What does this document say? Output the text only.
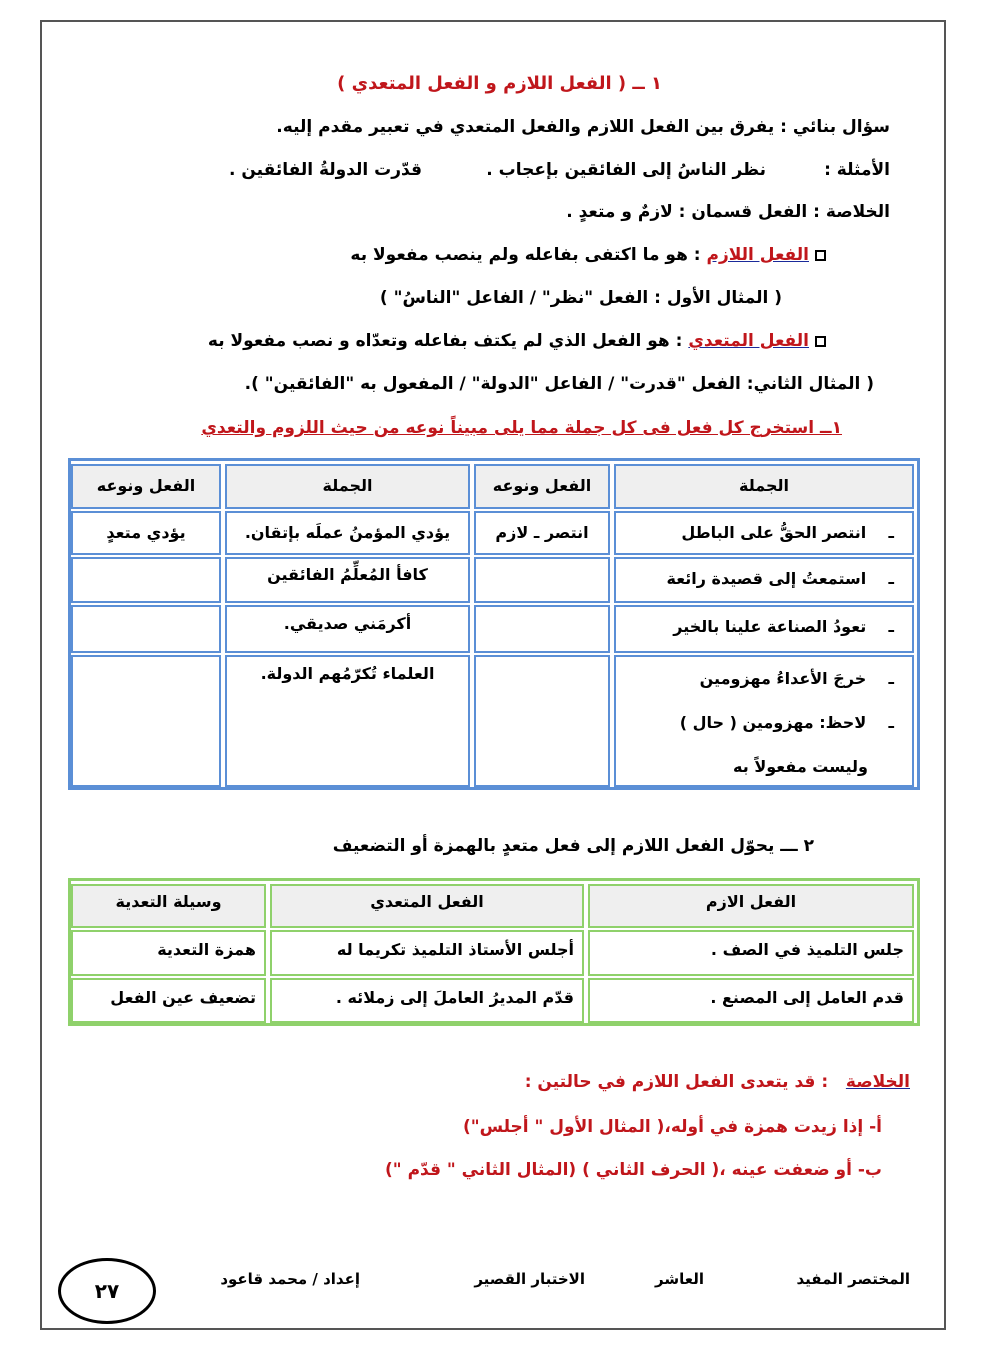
١ ــ ( الفعل اللازم و الفعل المتعدي )
سؤال بنائي : يفرق بين الفعل اللازم والفعل المتعدي في تعبير مقدم إليه.
الأمثلة :
نظر الناسُ إلى الفائقين بإعجاب .
قدّرت الدولةُ الفائقين .
الخلاصة : الفعل قسمان : لازمٌ و متعدٍ .
الفعل اللازم : هو ما اكتفى بفاعله ولم ينصب مفعولا به
( المثال الأول : الفعل "نظر" / الفاعل "الناسُ" )
الفعل المتعدي : هو الفعل الذي لم يكتف بفاعله وتعدّاه و نصب مفعولا به
( المثال الثاني: الفعل "قدرت" / الفاعل "الدولة" / المفعول به "الفائقين" ).
١ــ استخرج كل فعل فى كل جملة مما يلى مبيناً نوعه من حيث اللزوم والتعدي
الجملة
الفعل ونوعه
الجملة
الفعل ونوعه
ـ    انتصر الحقُّ على الباطل
انتصر ـ لازم
يؤدي المؤمنُ عملَه بإتقان.
يؤدي متعدٍ
ـ    استمعتُ إلى قصيدة رائعة
كافأ المُعلِّمُ الفائقين
ـ    تعودُ الصناعة علينا بالخير
أكرمَني صديقي.
ـ    خرجَ الأعداءُ مهزومين
ـ    لاحظ: مهزومين ( حال )
وليست مفعولاً به
العلماء تُكرّمُهم الدولة.
٢ ـــ يحوّل الفعل اللازم إلى فعل متعدٍ بالهمزة أو التضعيف
الفعل الازم
الفعل المتعدي
وسيلة التعدية
جلس التلميذ في الصف .
أجلس الأستاذ التلميذ تكريما له
همزة التعدية
قدم العامل إلى المصنع .
قدّم المديرُ العاملَ إلى زملائه .
تضعيف عين الفعل
الخلاصة   : قد يتعدى الفعل اللازم في حالتين :
أ- إذا زيدت همزة في أوله،( المثال الأول " أجلس")
ب- أو ضعفت عينه ،( الحرف الثاني ) (المثال الثاني " قدّم ")
المختصر المفيد
العاشر
الاختبار القصير
إعداد / محمد قاعود
٢٧
